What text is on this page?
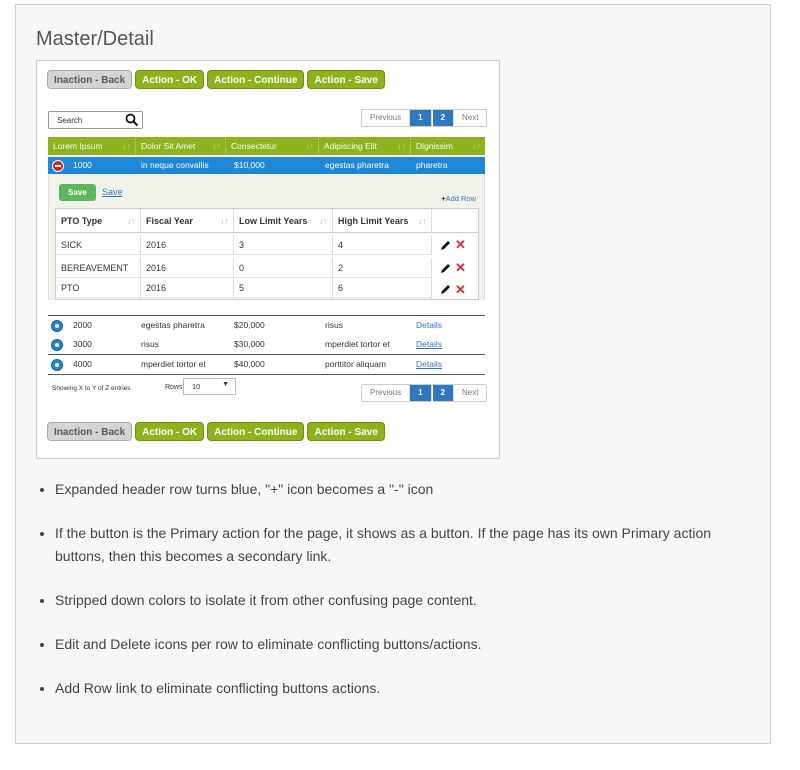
Master/Detail
Inaction - Back	Action - OK	Action - Continue	Action - Save
Search	Previous	1	2	Next
Lorem Ipsum ↓↑	Dolor Sit Amet ↓↑	Consectetur	↓↑	Adipiscing Elit ↓↑	Dignissim ↓↑
1000	in neque convallis	$10,000	egestas pharetra	pharetra
Save	Save
+Add Row
PTO Type	↓↑	Fiscal Year	↓↑	Low Limit Years ↓↑	High Limit Years ↓↑
SICK	2016	3	4	✕
BEREAVEMENT	2016	0	2	✕
PTO	2016	5	6	✕
2000	egestas pharetra	$20,000	risus	Details
3000	risus	$30,000	mperdiet tortor et	Details
4000	mperdiet tortor et	$40,000	porttitor aliquam	Details
Showing X to Y of Z entries	Rows: 10	▼
Previous	1	2	Next
Inaction - Back	Action - OK	Action - Continue	Action - Save
• Expanded header row turns blue, "+" icon becomes a "-" icon
• If the button is the Primary action for the page, it shows as a button. If the page has its own Primary action buttons, then this becomes a secondary link.
• Stripped down colors to isolate it from other confusing page content.
• Edit and Delete icons per row to eliminate conflicting buttons/actions.
• Add Row link to eliminate conflicting buttons actions.
